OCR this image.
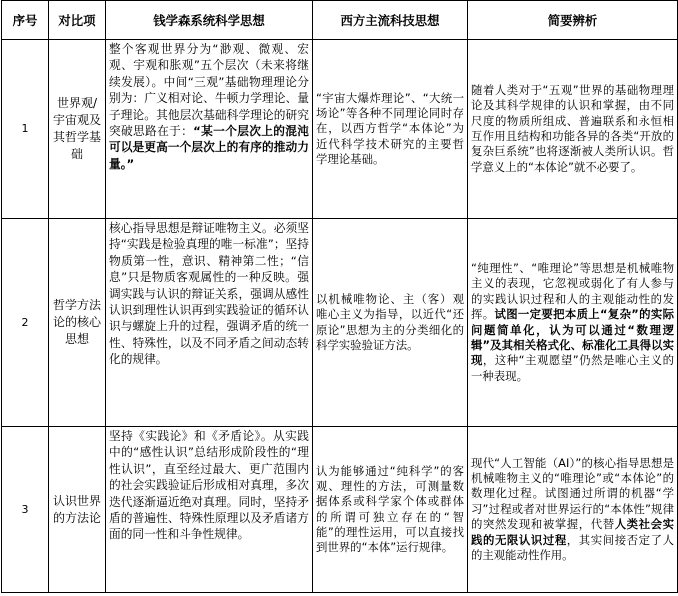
序号	对比项	钱学森系统科学思想	西方主流科技思想	简要辨析
1	世界观/宇宙观及其哲学基础	整个客观世界分为“渺观、微观、宏观、宇观和胀观”五个层次（未来将继续发展）。中间“三观”基础物理理论分别为：广义相对论、牛顿力学理论、量子理论。其他层次基础科学理论的研究突破思路在于：“某一个层次上的混沌可以是更高一个层次上的有序的推动力量。”	“宇宙大爆炸理论”、“大统一场论”等各种不同理论同时存在，以西方哲学“本体论”为近代科学技术研究的主要哲学理论基础。	随着人类对于“五观”世界的基础物理理论及其科学规律的认识和掌握，由不同尺度的物质所组成、普遍联系和永恒相互作用且结构和功能各异的各类“开放的复杂巨系统”也将逐渐被人类所认识。哲学意义上的“本体论”就不必要了。
2	哲学方法论的核心思想	核心指导思想是辩证唯物主义。必须坚持“实践是检验真理的唯一标准”；坚持物质第一性，意识、精神第二性；“信息”只是物质客观属性的一种反映。强调实践与认识的辩证关系，强调从感性认识到理性认识再到实践验证的循环认识与螺旋上升的过程，强调矛盾的统一性、特殊性，以及不同矛盾之间动态转化的规律。	以机械唯物论、主（客）观唯心主义为指导，以近代“还原论”思想为主的分类细化的科学实验验证方法。	“纯理性”、“唯理论”等思想是机械唯物主义的表现，它忽视或弱化了有人参与的实践认识过程和人的主观能动性的发挥。试图一定要把本质上“复杂”的实际问题简单化，认为可以通过“数理逻辑”及其相关格式化、标准化工具得以实现，这种“主观愿望”仍然是唯心主义的一种表现。
3	认识世界的方法论	坚持《实践论》和《矛盾论》。从实践中的“感性认识”总结形成阶段性的“理性认识”，直至经过最大、更广范围内的社会实践验证后形成相对真理，多次迭代逐渐逼近绝对真理。同时，坚持矛盾的普遍性、特殊性原理以及矛盾诸方面的同一性和斗争性规律。	认为能够通过“纯科学”的客观、理性的方法，可测量数据体系或科学家个体或群体的所谓可独立存在的“智能”的理性运用，可以直接找到世界的“本体”运行规律。	现代“人工智能（AI）”的核心指导思想是机械唯物主义的“唯理论”或“本体论”的数理化过程。试图通过所谓的机器“学习”过程或者对世界运行的“本体性”规律的突然发现和被掌握，代替人类社会实践的无限认识过程，其实间接否定了人的主观能动性作用。
